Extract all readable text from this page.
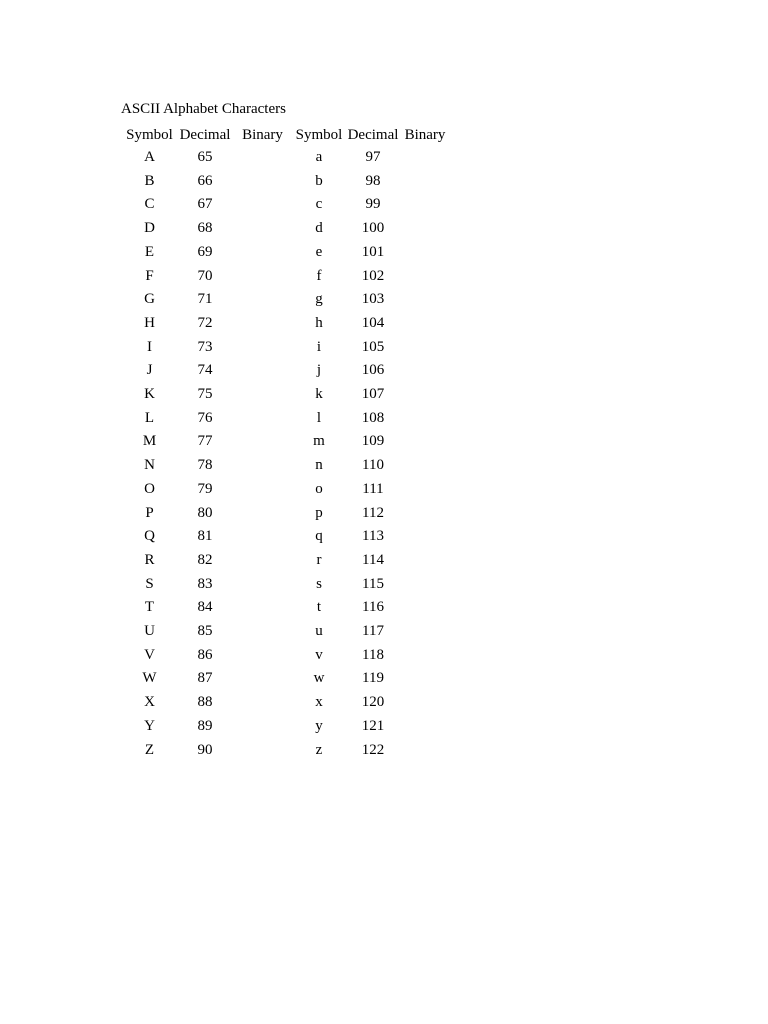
ASCII Alphabet Characters
Symbol	Decimal	Binary	Symbol	Decimal	Binary
A	65		a	97	
B	66		b	98	
C	67		c	99	
D	68		d	100	
E	69		e	101	
F	70		f	102	
G	71		g	103	
H	72		h	104	
I	73		i	105	
J	74		j	106	
K	75		k	107	
L	76		l	108	
M	77		m	109	
N	78		n	110	
O	79		o	111	
P	80		p	112	
Q	81		q	113	
R	82		r	114	
S	83		s	115	
T	84		t	116	
U	85		u	117	
V	86		v	118	
W	87		w	119	
X	88		x	120	
Y	89		y	121	
Z	90		z	122	
